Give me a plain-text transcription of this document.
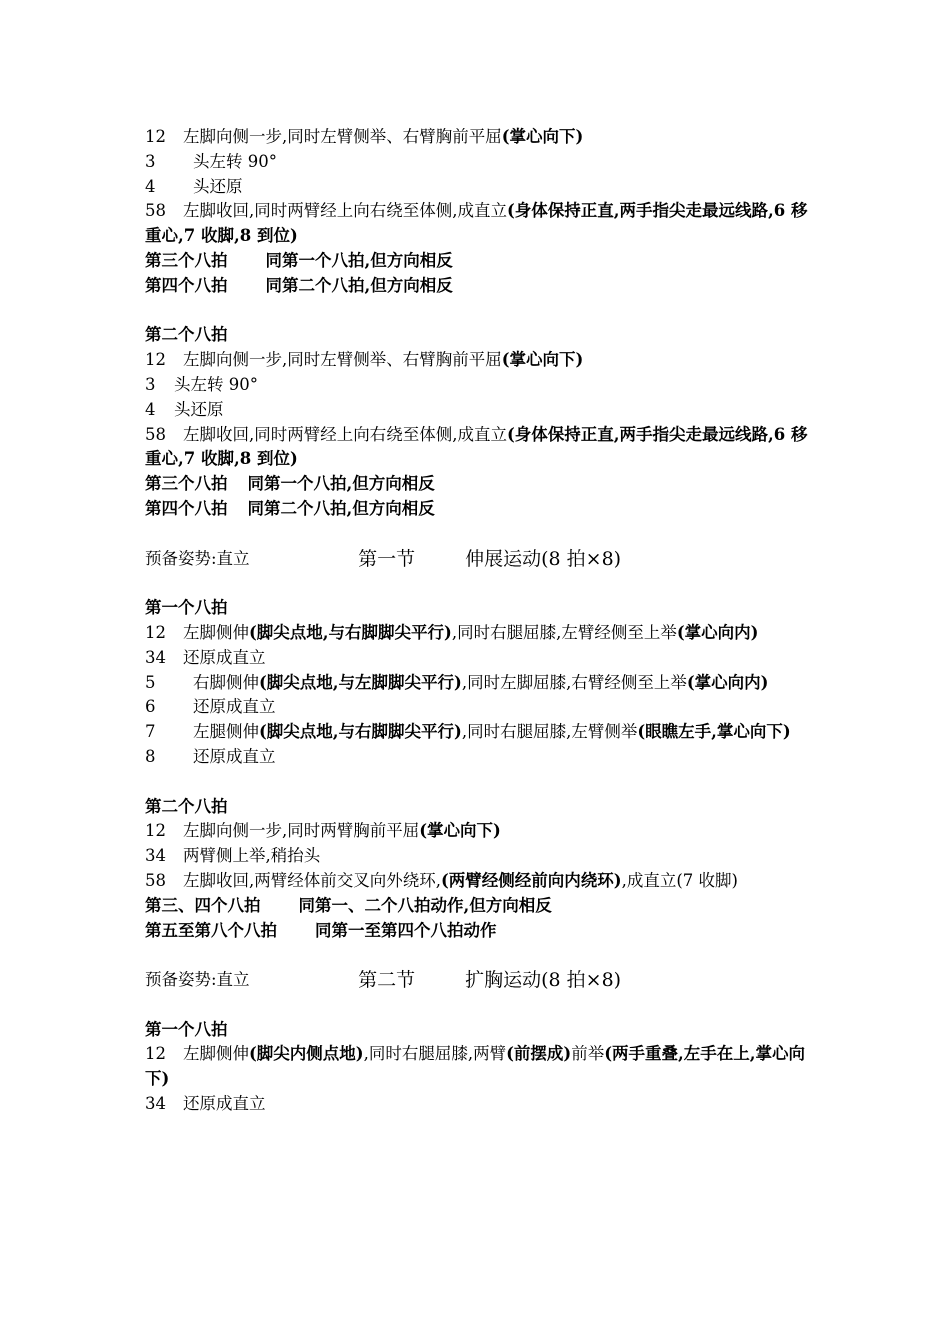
12 左脚向侧一步,同时左臂侧举、右臂胸前平屈(掌心向下)
3 头左转 90°
4 头还原
58 左脚收回,同时两臂经上向右绕至体侧,成直立(身体保持正直,两手指尖走最远线路,6 移重心,7 收脚,8 到位)
第三个八拍 同第一个八拍,但方向相反
第四个八拍 同第二个八拍,但方向相反
第二个八拍
12 左脚向侧一步,同时左臂侧举、右臂胸前平屈(掌心向下)
3 头左转 90°
4 头还原
58 左脚收回,同时两臂经上向右绕至体侧,成直立(身体保持正直,两手指尖走最远线路,6 移重心,7 收脚,8 到位)
第三个八拍 同第一个八拍,但方向相反
第四个八拍 同第二个八拍,但方向相反

第一节	伸展运动(8 拍×8)

预备姿势:直立
第一个八拍
12 左脚侧伸(脚尖点地,与右脚脚尖平行),同时右腿屈膝,左臂经侧至上举(掌心向内)
34 还原成直立
5 右脚侧伸(脚尖点地,与左脚脚尖平行),同时左脚屈膝,右臂经侧至上举(掌心向内)
6 还原成直立
7 左腿侧伸(脚尖点地,与右脚脚尖平行),同时右腿屈膝,左臂侧举(眼瞧左手,掌心向下)
8 还原成直立
第二个八拍
12 左脚向侧一步,同时两臂胸前平屈(掌心向下)
34 两臂侧上举,稍抬头
58 左脚收回,两臂经体前交叉向外绕环,(两臂经侧经前向内绕环),成直立(7 收脚)
第三、四个八拍 同第一、二个八拍动作,但方向相反
第五至第八个八拍 同第一至第四个八拍动作

第二节	扩胸运动(8 拍×8)

预备姿势:直立
第一个八拍
12 左脚侧伸(脚尖内侧点地),同时右腿屈膝,两臂(前摆成)前举(两手重叠,左手在上,掌心向下)
34 还原成直立
